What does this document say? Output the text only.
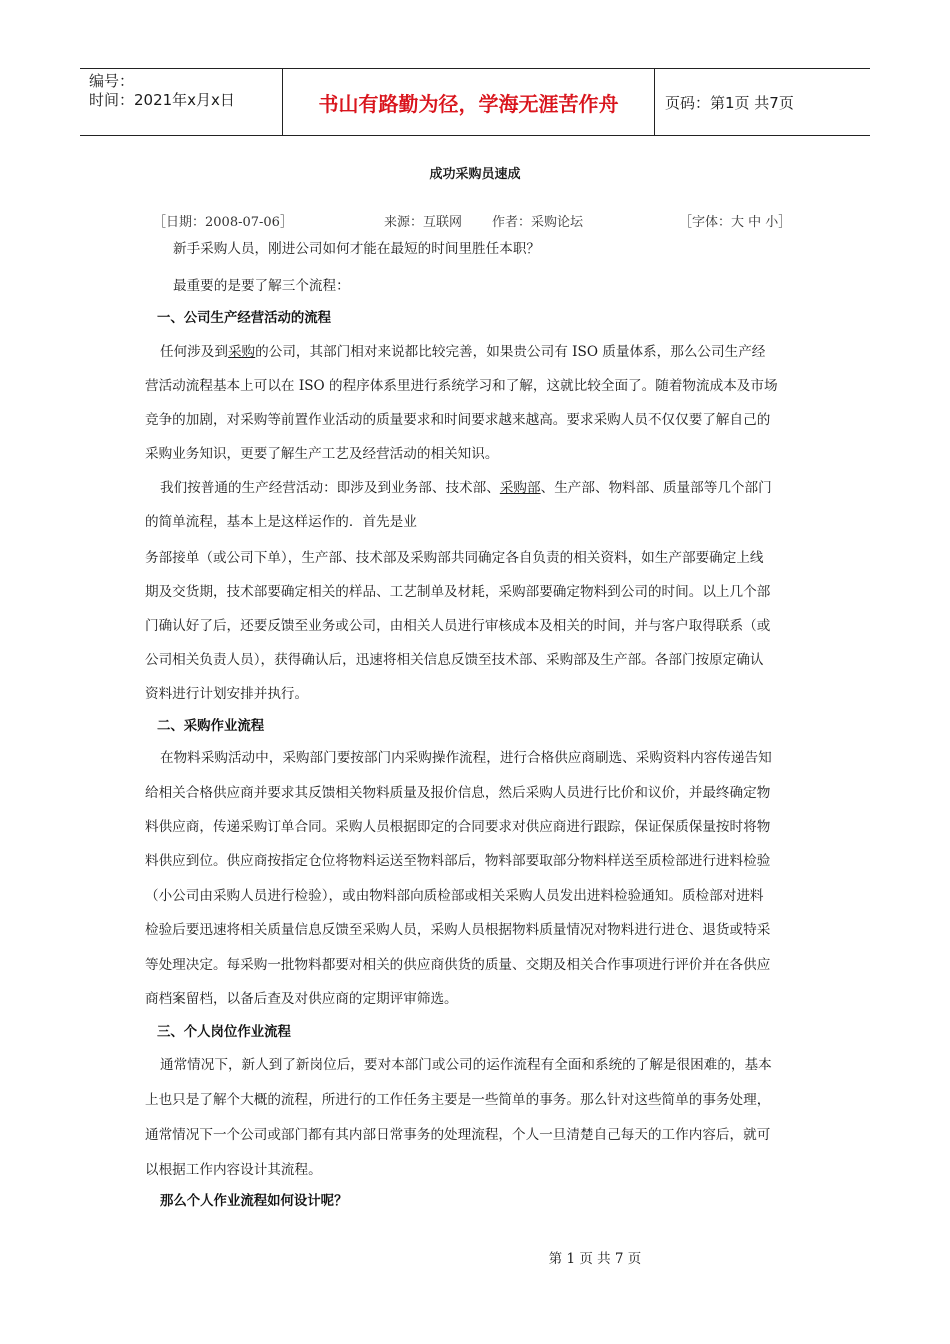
编号：
时间：2021年x月x日	书山有路勤为径，学海无涯苦作舟	页码：第1页 共7页
成功采购员速成
［日期：2008-07-06］	来源：互联网 作者：采购论坛	［字体：大 中 小］
新手采购人员，刚进公司如何才能在最短的时间里胜任本职？
最重要的是要了解三个流程：
一、公司生产经营活动的流程
任何涉及到采购的公司，其部门相对来说都比较完善，如果贵公司有 ISO 质量体系，那么公司生产经
营活动流程基本上可以在 ISO 的程序体系里进行系统学习和了解，这就比较全面了。随着物流成本及市场
竞争的加剧，对采购等前置作业活动的质量要求和时间要求越来越高。要求采购人员不仅仅要了解自己的
采购业务知识，更要了解生产工艺及经营活动的相关知识。
我们按普通的生产经营活动：即涉及到业务部、技术部、采购部、生产部、物料部、质量部等几个部门
的简单流程，基本上是这样运作的．首先是业
务部接单（或公司下单），生产部、技术部及采购部共同确定各自负责的相关资料，如生产部要确定上线
期及交货期，技术部要确定相关的样品、工艺制单及材耗，采购部要确定物料到公司的时间。以上几个部
门确认好了后，还要反馈至业务或公司，由相关人员进行审核成本及相关的时间，并与客户取得联系（或
公司相关负责人员），获得确认后，迅速将相关信息反馈至技术部、采购部及生产部。各部门按原定确认
资料进行计划安排并执行。
二、采购作业流程
在物料采购活动中，采购部门要按部门内采购操作流程，进行合格供应商刷选、采购资料内容传递告知
给相关合格供应商并要求其反馈相关物料质量及报价信息，然后采购人员进行比价和议价，并最终确定物
料供应商，传递采购订单合同。采购人员根据即定的合同要求对供应商进行跟踪，保证保质保量按时将物
料供应到位。供应商按指定仓位将物料运送至物料部后，物料部要取部分物料样送至质检部进行进料检验
（小公司由采购人员进行检验），或由物料部向质检部或相关采购人员发出进料检验通知。质检部对进料
检验后要迅速将相关质量信息反馈至采购人员，采购人员根据物料质量情况对物料进行进仓、退货或特采
等处理决定。每采购一批物料都要对相关的供应商供货的质量、交期及相关合作事项进行评价并在各供应
商档案留档，以备后查及对供应商的定期评审筛选。
三、个人岗位作业流程
通常情况下，新人到了新岗位后，要对本部门或公司的运作流程有全面和系统的了解是很困难的，基本
上也只是了解个大概的流程，所进行的工作任务主要是一些简单的事务。那么针对这些简单的事务处理，
通常情况下一个公司或部门都有其内部日常事务的处理流程，个人一旦清楚自己每天的工作内容后，就可
以根据工作内容设计其流程。
那么个人作业流程如何设计呢？
第 1 页 共 7 页
